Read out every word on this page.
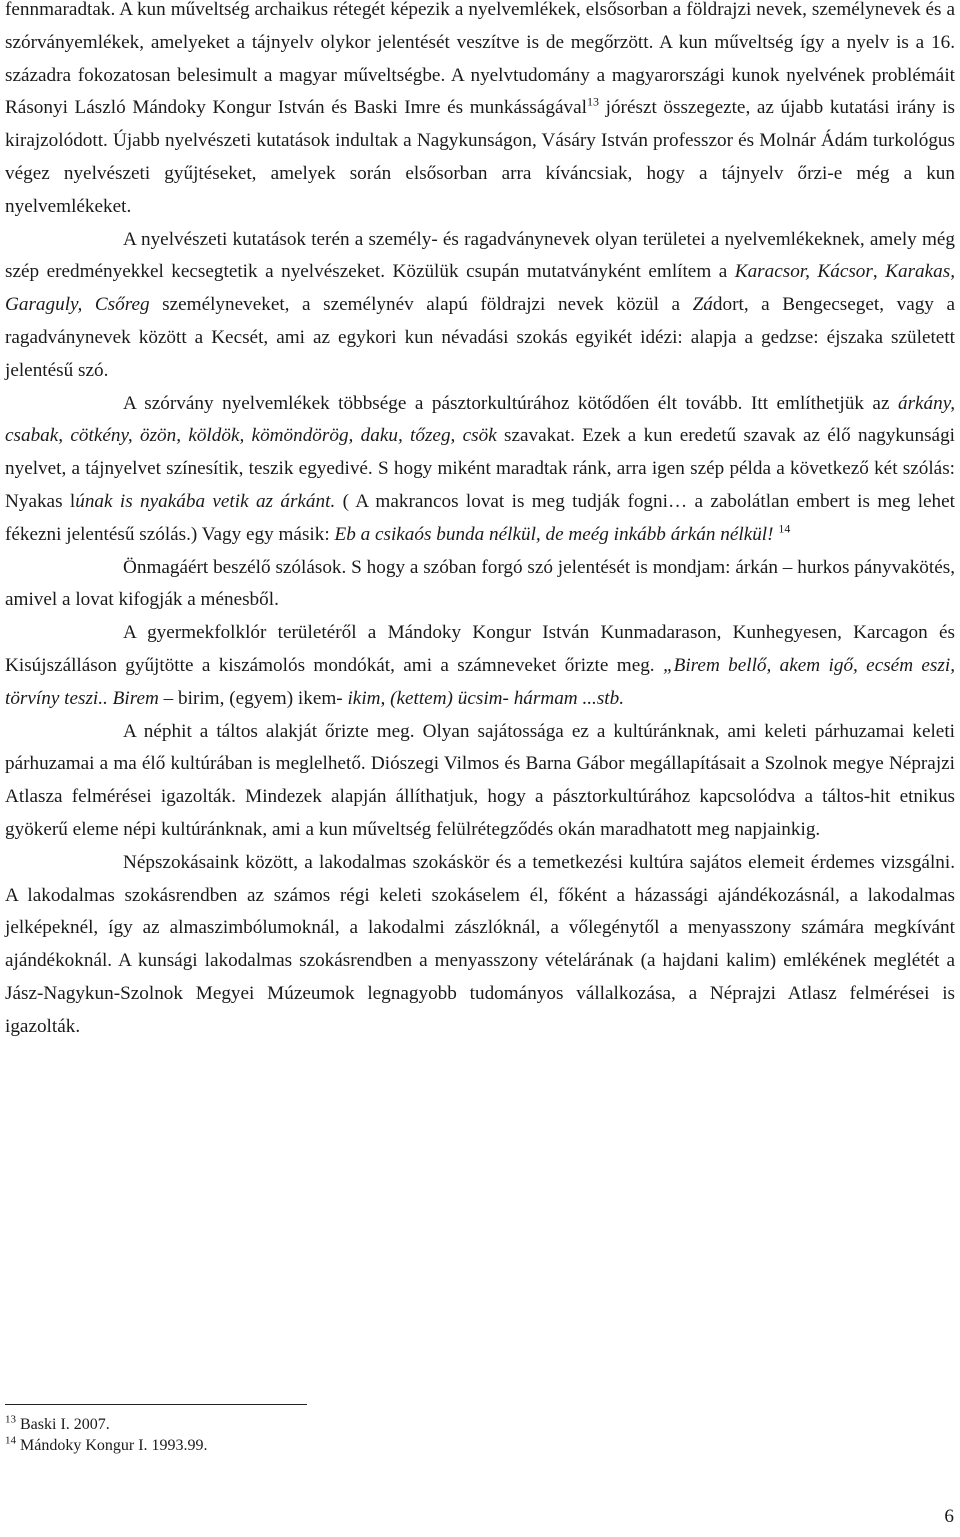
fennmaradtak. A kun műveltség archaikus rétegét képezik a nyelvemlékek, elsősorban a földrajzi nevek, személynevek és a szórványemlékek, amelyeket a tájnyelv olykor jelentését veszítve is de megőrzött. A kun műveltség így a nyelv is a 16. századra fokozatosan belesimult a magyar műveltségbe. A nyelvtudomány a magyarországi kunok nyelvének problémáit Rásonyi László Mándoky Kongur István és Baski Imre és munkásságával$^{13}$ jórészt összegezte, az újabb kutatási irány is kirajzolódott. Újabb nyelvészeti kutatások indultak a Nagykunságon, Vásáry István professzor és Molnár Ádám turkológus végez nyelvészeti gyűjtéseket, amelyek során elsősorban arra kíváncsiak, hogy a tájnyelv őrzi-e még a kun nyelvemlékeket.

A nyelvészeti kutatások terén a személy- és ragadványnevek olyan területei a nyelvemlékeknek, amely még szép eredményekkel kecsegtetik a nyelvészeket. Közülük csupán mutatványként említem a Karacsor, Kácsor, Karakas, Garaguly, Csőreg személyneveket, a személynév alapú földrajzi nevek közül a Zádort, a Bengecseget, vagy a ragadványnevek között a Kecsét, ami az egykori kun névadási szokás egyikét idézi: alapja a gedzse: éjszaka született jelentésű szó.

A szórvány nyelvemlékek többsége a pásztorkultúrához kötődően élt tovább. Itt említhetjük az árkány, csabak, cötkény, özön, köldök, kömöndörög, daku, tőzeg, csök szavakat. Ezek a kun eredetű szavak az élő nagykunsági nyelvet, a tájnyelvet színesítik, teszik egyedivé. S hogy miként maradtak ránk, arra igen szép példa a következő két szólás: Nyakas lúnak is nyakába vetik az árkánt. ( A makrancos lovat is meg tudják fogni… a zabolátlan embert is meg lehet fékezni jelentésű szólás.) Vagy egy másik: Eb a csikaós bunda nélkül, de meég inkább árkán nélkül! $^{14}$

Önmagáért beszélő szólások. S hogy a szóban forgó szó jelentését is mondjam: árkán – hurkos pányvakötés, amivel a lovat kifogják a ménesből.

A gyermekfolklór területéről a Mándoky Kongur István Kunmadarason, Kunhegyesen, Karcagon és Kisújszálláson gyűjtötte a kiszámolós mondókát, ami a számneveket őrizte meg. „Birem bellő, akem igő, ecsém eszi, törvíny teszi.. Birem – birim, (egyem) ikem- ikim, (kettem) ücsim- hármam ...stb.

A néphit a táltos alakját őrizte meg. Olyan sajátossága ez a kultúránknak, ami keleti párhuzamai keleti párhuzamai a ma élő kultúrában is meglelhető. Diószegi Vilmos és Barna Gábor megállapításait a Szolnok megye Néprajzi Atlasza felmérései igazolták. Mindezek alapján állíthatjuk, hogy a pásztorkultúrához kapcsolódva a táltos-hit etnikus gyökerű eleme népi kultúránknak, ami a kun műveltség felülrétegződés okán maradhatott meg napjainkig.

Népszokásaink között, a lakodalmas szokáskör és a temetkezési kultúra sajátos elemeit érdemes vizsgálni. A lakodalmas szokásrendben az számos régi keleti szokáselem él, főként a házassági ajándékozásnál, a lakodalmas jelképeknél, így az almaszimbólumoknál, a lakodalmi zászlóknál, a vőlegénytől a menyasszony számára megkívánt ajándékoknál. A kunsági lakodalmas szokásrendben a menyasszony vételárának (a hajdani kalim) emlékének meglétét a Jász-Nagykun-Szolnok Megyei Múzeumok legnagyobb tudományos vállalkozása, a Néprajzi Atlasz felmérései is igazolták.

$^{13}$ Baski I. 2007.

$^{14}$ Mándoky Kongur I. 1993.99.

6
